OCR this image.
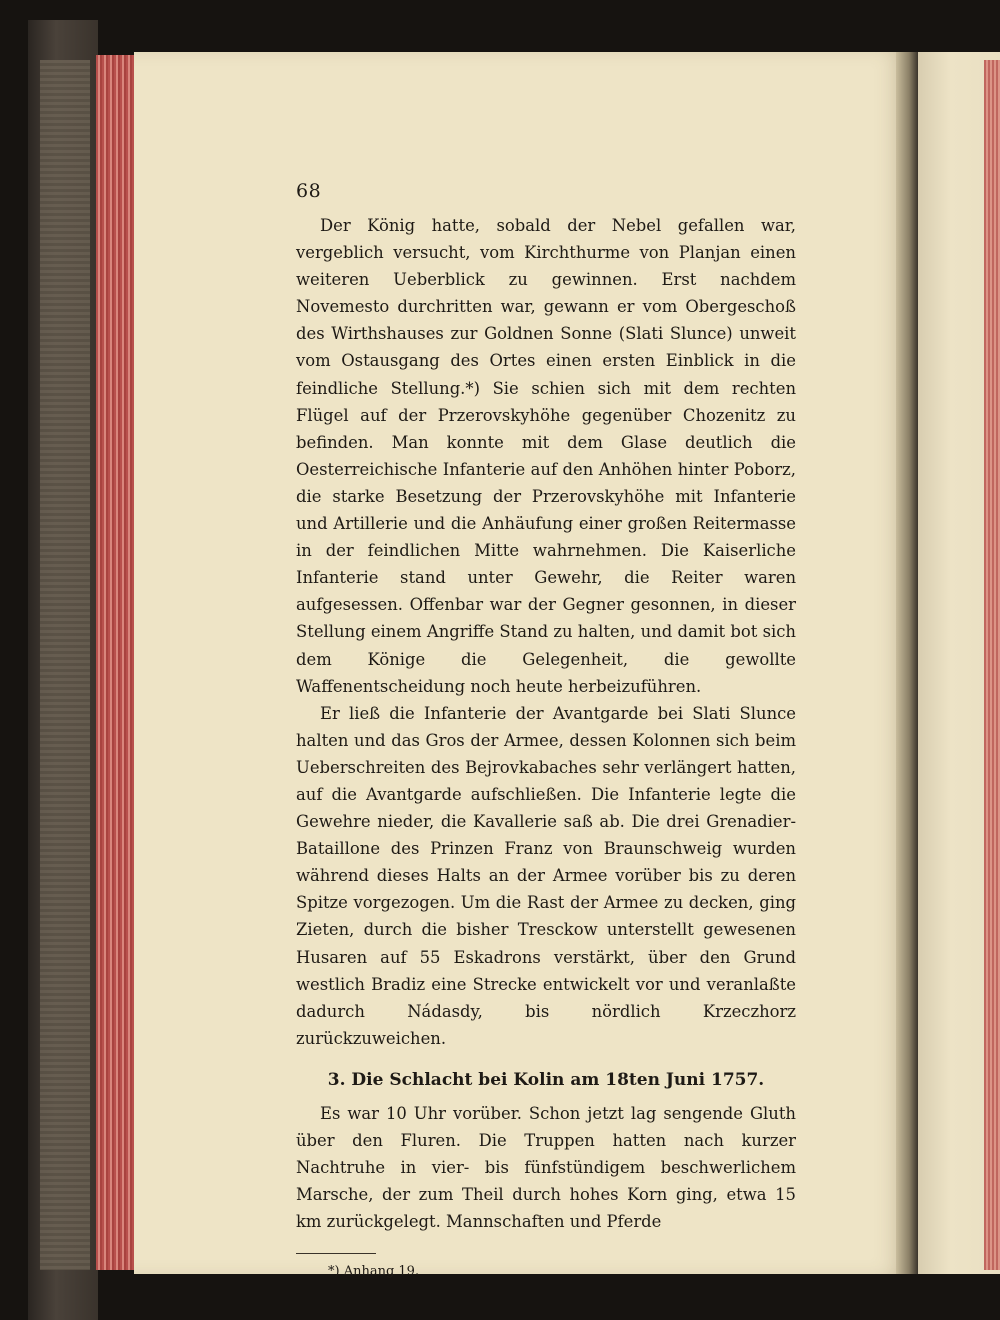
68

Der König hatte, sobald der Nebel gefallen war, vergeblich versucht, vom Kirchthurme von Planjan einen weiteren Ueberblick zu gewinnen. Erst nachdem Novemesto durchritten war, gewann er vom Obergeschoß des Wirthshauses zur Goldnen Sonne (Slati Slunce) unweit vom Ostausgang des Ortes einen ersten Einblick in die feindliche Stellung.*) Sie schien sich mit dem rechten Flügel auf der Przerovskyhöhe gegenüber Chozenitz zu befinden. Man konnte mit dem Glase deutlich die Oesterreichische Infanterie auf den Anhöhen hinter Poborz, die starke Besetzung der Przerovskyhöhe mit Infanterie und Artillerie und die Anhäufung einer großen Reitermasse in der feindlichen Mitte wahrnehmen. Die Kaiserliche Infanterie stand unter Gewehr, die Reiter waren aufgesessen. Offenbar war der Gegner gesonnen, in dieser Stellung einem Angriffe Stand zu halten, und damit bot sich dem Könige die Gelegenheit, die gewollte Waffenentscheidung noch heute herbeizuführen.

Er ließ die Infanterie der Avantgarde bei Slati Slunce halten und das Gros der Armee, dessen Kolonnen sich beim Ueberschreiten des Bejrovkabaches sehr verlängert hatten, auf die Avantgarde aufschließen. Die Infanterie legte die Gewehre nieder, die Kavallerie saß ab. Die drei Grenadier-Bataillone des Prinzen Franz von Braunschweig wurden während dieses Halts an der Armee vorüber bis zu deren Spitze vorgezogen. Um die Rast der Armee zu decken, ging Zieten, durch die bisher Tresckow unterstellt gewesenen Husaren auf 55 Eskadrons verstärkt, über den Grund westlich Bradiz eine Strecke entwickelt vor und veranlaßte dadurch Nádasdy, bis nördlich Krzeczhorz zurückzuweichen.

3. Die Schlacht bei Kolin am 18ten Juni 1757.

Es war 10 Uhr vorüber. Schon jetzt lag sengende Gluth über den Fluren. Die Truppen hatten nach kurzer Nachtruhe in vier- bis fünfstündigem beschwerlichem Marsche, der zum Theil durch hohes Korn ging, etwa 15 km zurückgelegt. Mannschaften und Pferde

*) Anhang 19.
